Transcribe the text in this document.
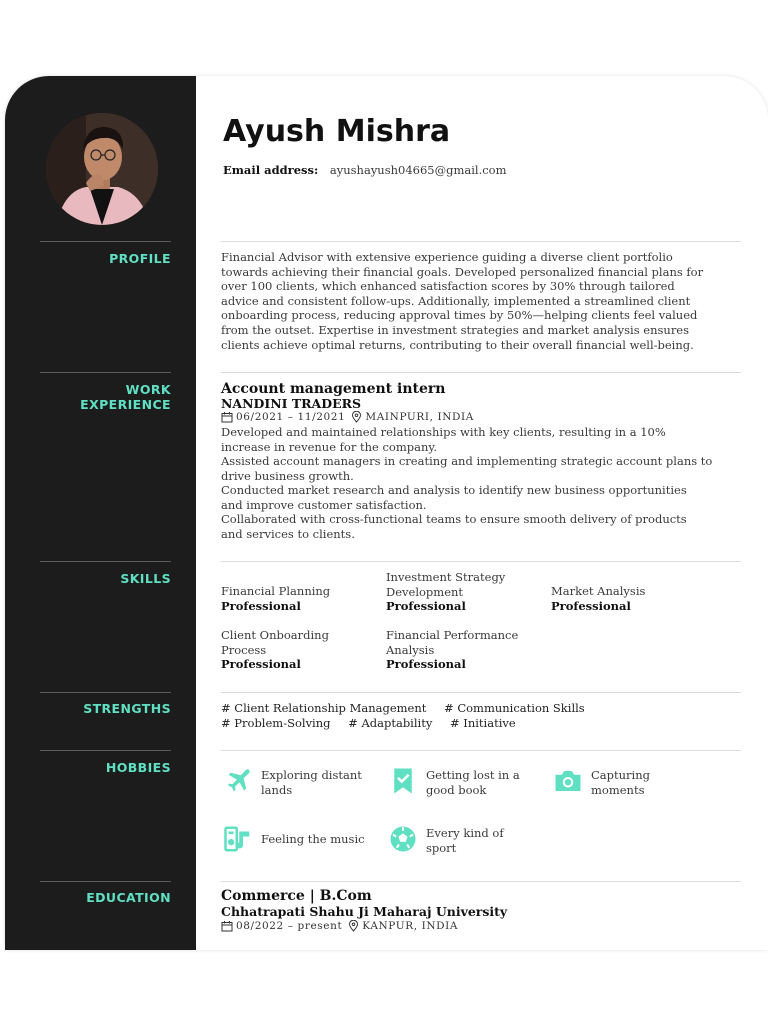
PROFILE
WORK
EXPERIENCE
SKILLS
STRENGTHS
HOBBIES
EDUCATION
Ayush Mishra
Email address: ayushayush04665@gmail.com
Financial Advisor with extensive experience guiding a diverse client portfolio
towards achieving their financial goals. Developed personalized financial plans for
over 100 clients, which enhanced satisfaction scores by 30% through tailored
advice and consistent follow-ups. Additionally, implemented a streamlined client
onboarding process, reducing approval times by 50%—helping clients feel valued
from the outset. Expertise in investment strategies and market analysis ensures
clients achieve optimal returns, contributing to their overall financial well-being.
Account management intern
NANDINI TRADERS
06/2021 – 11/2021 MAINPURI, INDIA
Developed and maintained relationships with key clients, resulting in a 10%
increase in revenue for the company.
Assisted account managers in creating and implementing strategic account plans to
drive business growth.
Conducted market research and analysis to identify new business opportunities
and improve customer satisfaction.
Collaborated with cross-functional teams to ensure smooth delivery of products
and services to clients.
Financial Planning
Professional
Investment Strategy
Development
Professional
Market Analysis
Professional
Client Onboarding
Process
Professional
Financial Performance
Analysis
Professional
# Client Relationship Management # Communication Skills
# Problem-Solving # Adaptability # Initiative
Exploring distant
lands
Getting lost in a
good book
Capturing
moments
Feeling the music	Every kind of
sport
Commerce | B.Com
Chhatrapati Shahu Ji Maharaj University
08/2022 – present KANPUR, INDIA
